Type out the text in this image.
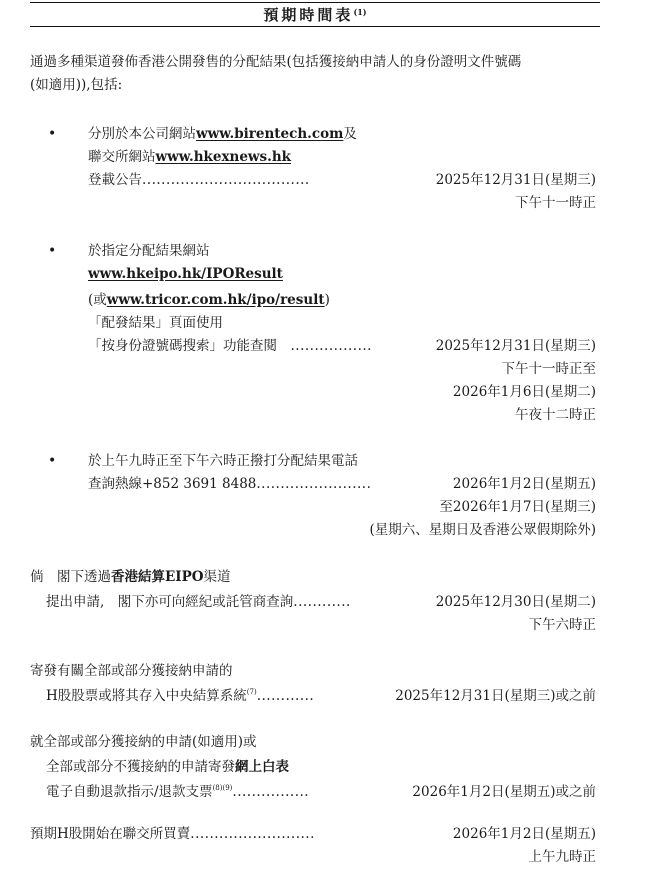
預期時間表$^{(1)}$
通過多種渠道發佈香港公開發售的分配結果(包括獲接納申請人的身份證明文件號碼
(如適用)),包括:
• 分別於本公司網站www.birentech.com及
聯交所網站www.hkexnews.hk
登載公告...................................	2025年12月31日(星期三)
下午十一時正
• 於指定分配結果網站
www.hkeipo.hk/IPOResult
(或www.tricor.com.hk/ipo/result)
「配發結果」頁面使用
「按身份證號碼搜索」功能查閱　 .................	2025年12月31日(星期三)
下午十一時正至
2026年1月6日(星期二)
午夜十二時正
• 於上午九時正至下午六時正撥打分配結果電話
查詢熱線+852 3691 8488........................	2026年1月2日(星期五)
至2026年1月7日(星期三)
(星期六、星期日及香港公眾假期除外)
倘　閣下透過香港結算EIPO渠道
提出申請,　閣下亦可向經紀或託管商查詢............	2025年12月30日(星期二)
下午六時正
寄發有關全部或部分獲接納申請的
H股股票或將其存入中央結算系統$^{(7)}$............	2025年12月31日(星期三)或之前
就全部或部分獲接納的申請(如適用)或
全部或部分不獲接納的申請寄發網上白表
電子自動退款指示/退款支票$^{(8)(9)}$................	2026年1月2日(星期五)或之前
預期H股開始在聯交所買賣..........................	2026年1月2日(星期五)
上午九時正
